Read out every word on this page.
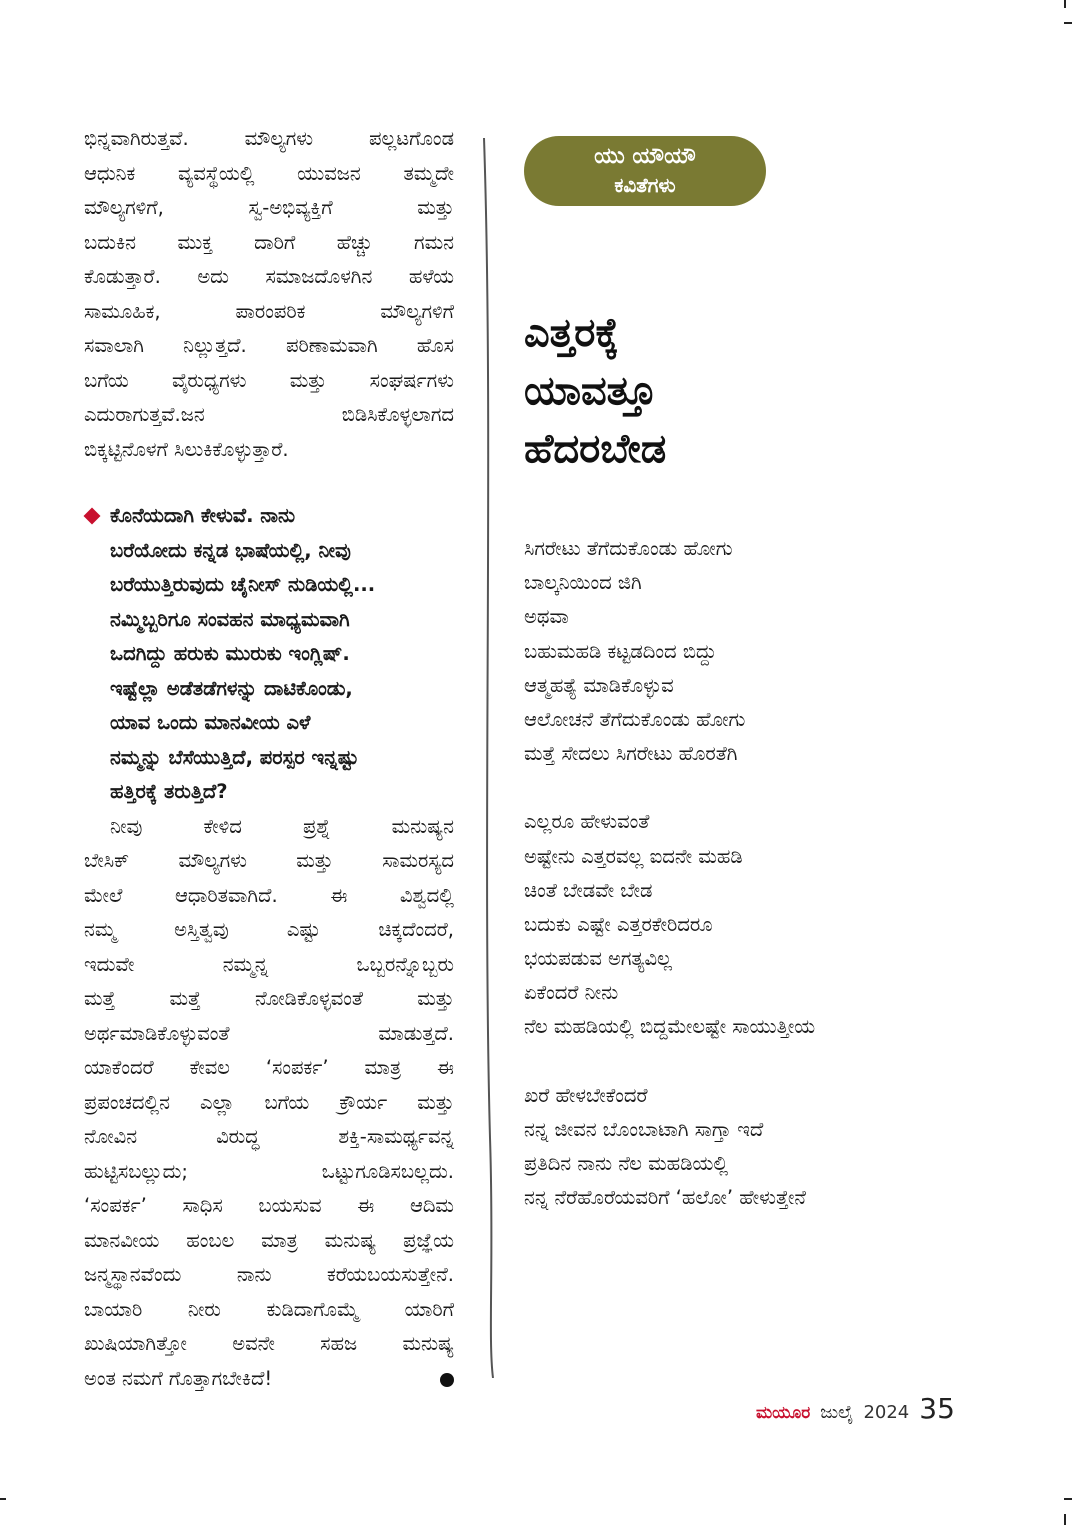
ಭಿನ್ನವಾಗಿರುತ್ತವೆ.	ಮೌಲ್ಯಗಳು	ಪಲ್ಲಟಗೊಂಡ
ಆಧುನಿಕ ವ್ಯವಸ್ಥೆಯಲ್ಲಿ ಯುವಜನ ತಮ್ಮದೇ
ಮೌಲ್ಯಗಳಿಗೆ,	ಸ್ವ-ಅಭಿವ್ಯಕ್ತಿಗೆ	ಮತ್ತು
ಬದುಕಿನ ಮುಕ್ತ ದಾರಿಗೆ ಹೆಚ್ಚು ಗಮನ
ಕೊಡುತ್ತಾರೆ. ಅದು ಸಮಾಜದೊಳಗಿನ ಹಳೆಯ
ಸಾಮೂಹಿಕ,	ಪಾರಂಪರಿಕ	ಮೌಲ್ಯಗಳಿಗೆ
ಸವಾಲಾಗಿ ನಿಲ್ಲುತ್ತದೆ. ಪರಿಣಾಮವಾಗಿ ಹೊಸ
ಬಗೆಯ ವೈರುಧ್ಯಗಳು ಮತ್ತು ಸಂಘರ್ಷಗಳು
ಎದುರಾಗುತ್ತವೆ.ಜನ	ಬಿಡಿಸಿಕೊಳ್ಳಲಾಗದ
ಬಿಕ್ಕಟ್ಟಿನೊಳಗೆ ಸಿಲುಕಿಕೊಳ್ಳುತ್ತಾರೆ.
ಕೊನೆಯದಾಗಿ ಕೇಳುವೆ. ನಾನು
ಬರೆಯೋದು ಕನ್ನಡ ಭಾಷೆಯಲ್ಲಿ, ನೀವು
ಬರೆಯುತ್ತಿರುವುದು ಚೈನೀಸ್ ನುಡಿಯಲ್ಲಿ...
ನಮ್ಮಿಬ್ಬರಿಗೂ ಸಂವಹನ ಮಾಧ್ಯಮವಾಗಿ
ಒದಗಿದ್ದು ಹರುಕು ಮುರುಕು ಇಂಗ್ಲಿಷ್.
ಇಷ್ಟೆಲ್ಲಾ ಅಡೆತಡೆಗಳನ್ನು ದಾಟಿಕೊಂಡು,
ಯಾವ ಒಂದು ಮಾನವೀಯ ಎಳೆ
ನಮ್ಮನ್ನು ಬೆಸೆಯುತ್ತಿದೆ, ಪರಸ್ಪರ ಇನ್ನಷ್ಟು
ಹತ್ತಿರಕ್ಕೆ ತರುತ್ತಿದೆ?
ನೀವು	ಕೇಳಿದ	ಪ್ರಶ್ನೆ	ಮನುಷ್ಯನ
ಬೇಸಿಕ್	ಮೌಲ್ಯಗಳು	ಮತ್ತು	ಸಾಮರಸ್ಯದ
ಮೇಲೆ	ಆಧಾರಿತವಾಗಿದೆ.	ಈ	ವಿಶ್ವದಲ್ಲಿ
ನಮ್ಮ	ಅಸ್ತಿತ್ವವು	ಎಷ್ಟು	ಚಿಕ್ಕದೆಂದರೆ,
ಇದುವೇ	ನಮ್ಮನ್ನ	ಒಬ್ಬರನ್ನೊಬ್ಬರು
ಮತ್ತೆ	ಮತ್ತೆ	ನೋಡಿಕೊಳ್ಳವಂತೆ	ಮತ್ತು
ಅರ್ಥಮಾಡಿಕೊಳ್ಳುವಂತೆ	ಮಾಡುತ್ತದೆ.
ಯಾಕೆಂದರೆ ಕೇವಲ ‘ಸಂಪರ್ಕ’ ಮಾತ್ರ ಈ
ಪ್ರಪಂಚದಲ್ಲಿನ ಎಲ್ಲಾ ಬಗೆಯ ಕ್ರೌರ್ಯ ಮತ್ತು
ನೋವಿನ	ವಿರುದ್ಧ	ಶಕ್ತಿ-ಸಾಮರ್ಥ್ಯವನ್ನ
ಹುಟ್ಟಿಸಬಲ್ಲುದು;	ಒಟ್ಟುಗೂಡಿಸಬಲ್ಲದು.
‘ಸಂಪರ್ಕ’ ಸಾಧಿಸ ಬಯಸುವ ಈ ಆದಿಮ
ಮಾನವೀಯ ಹಂಬಲ ಮಾತ್ರ ಮನುಷ್ಯ ಪ್ರಜ್ಞೆಯ
ಜನ್ಮಸ್ಥಾನವೆಂದು	ನಾನು	ಕರೆಯಬಯಸುತ್ತೇನೆ.
ಬಾಯಾರಿ ನೀರು ಕುಡಿದಾಗೊಮ್ಮೆ ಯಾರಿಗೆ
ಖುಷಿಯಾಗಿತ್ತೋ ಅವನೇ ಸಹಜ ಮನುಷ್ಯ
ಅಂತ ನಮಗೆ ಗೊತ್ತಾಗಬೇಕಿದೆ!
ಯು ಯೌಯೌ
ಕವಿತೆಗಳು
ಎತ್ತರಕ್ಕೆ
ಯಾವತ್ತೂ
ಹೆದರಬೇಡ
ಸಿಗರೇಟು ತೆಗೆದುಕೊಂಡು ಹೋಗು
ಬಾಲ್ಕನಿಯಿಂದ ಜಿಗಿ
ಅಥವಾ
ಬಹುಮಹಡಿ ಕಟ್ಟಡದಿಂದ ಬಿದ್ದು
ಆತ್ಮಹತ್ಯೆ ಮಾಡಿಕೊಳ್ಳುವ
ಆಲೋಚನೆ ತೆಗೆದುಕೊಂಡು ಹೋಗು
ಮತ್ತೆ ಸೇದಲು ಸಿಗರೇಟು ಹೊರತೆಗಿ
ಎಲ್ಲರೂ ಹೇಳುವಂತೆ
ಅಷ್ಟೇನು ಎತ್ತರವಲ್ಲ ಐದನೇ ಮಹಡಿ
ಚಿಂತೆ ಬೇಡವೇ ಬೇಡ
ಬದುಕು ಎಷ್ಟೇ ಎತ್ತರಕೇರಿದರೂ
ಭಯಪಡುವ ಅಗತ್ಯವಿಲ್ಲ
ಏಕೆಂದರೆ ನೀನು
ನೆಲ ಮಹಡಿಯಲ್ಲಿ ಬಿದ್ದಮೇಲಷ್ಟೇ ಸಾಯುತ್ತೀಯ
ಖರೆ ಹೇಳಬೇಕೆಂದರೆ
ನನ್ನ ಜೀವನ ಬೊಂಬಾಟಾಗಿ ಸಾಗ್ತಾ ಇದೆ
ಪ್ರತಿದಿನ ನಾನು ನೆಲ ಮಹಡಿಯಲ್ಲಿ
ನನ್ನ ನೆರೆಹೊರೆಯವರಿಗೆ ‘ಹಲೋ’ ಹೇಳುತ್ತೇನೆ
ಮಯೂರ ಜುಲೈ 2024 35
